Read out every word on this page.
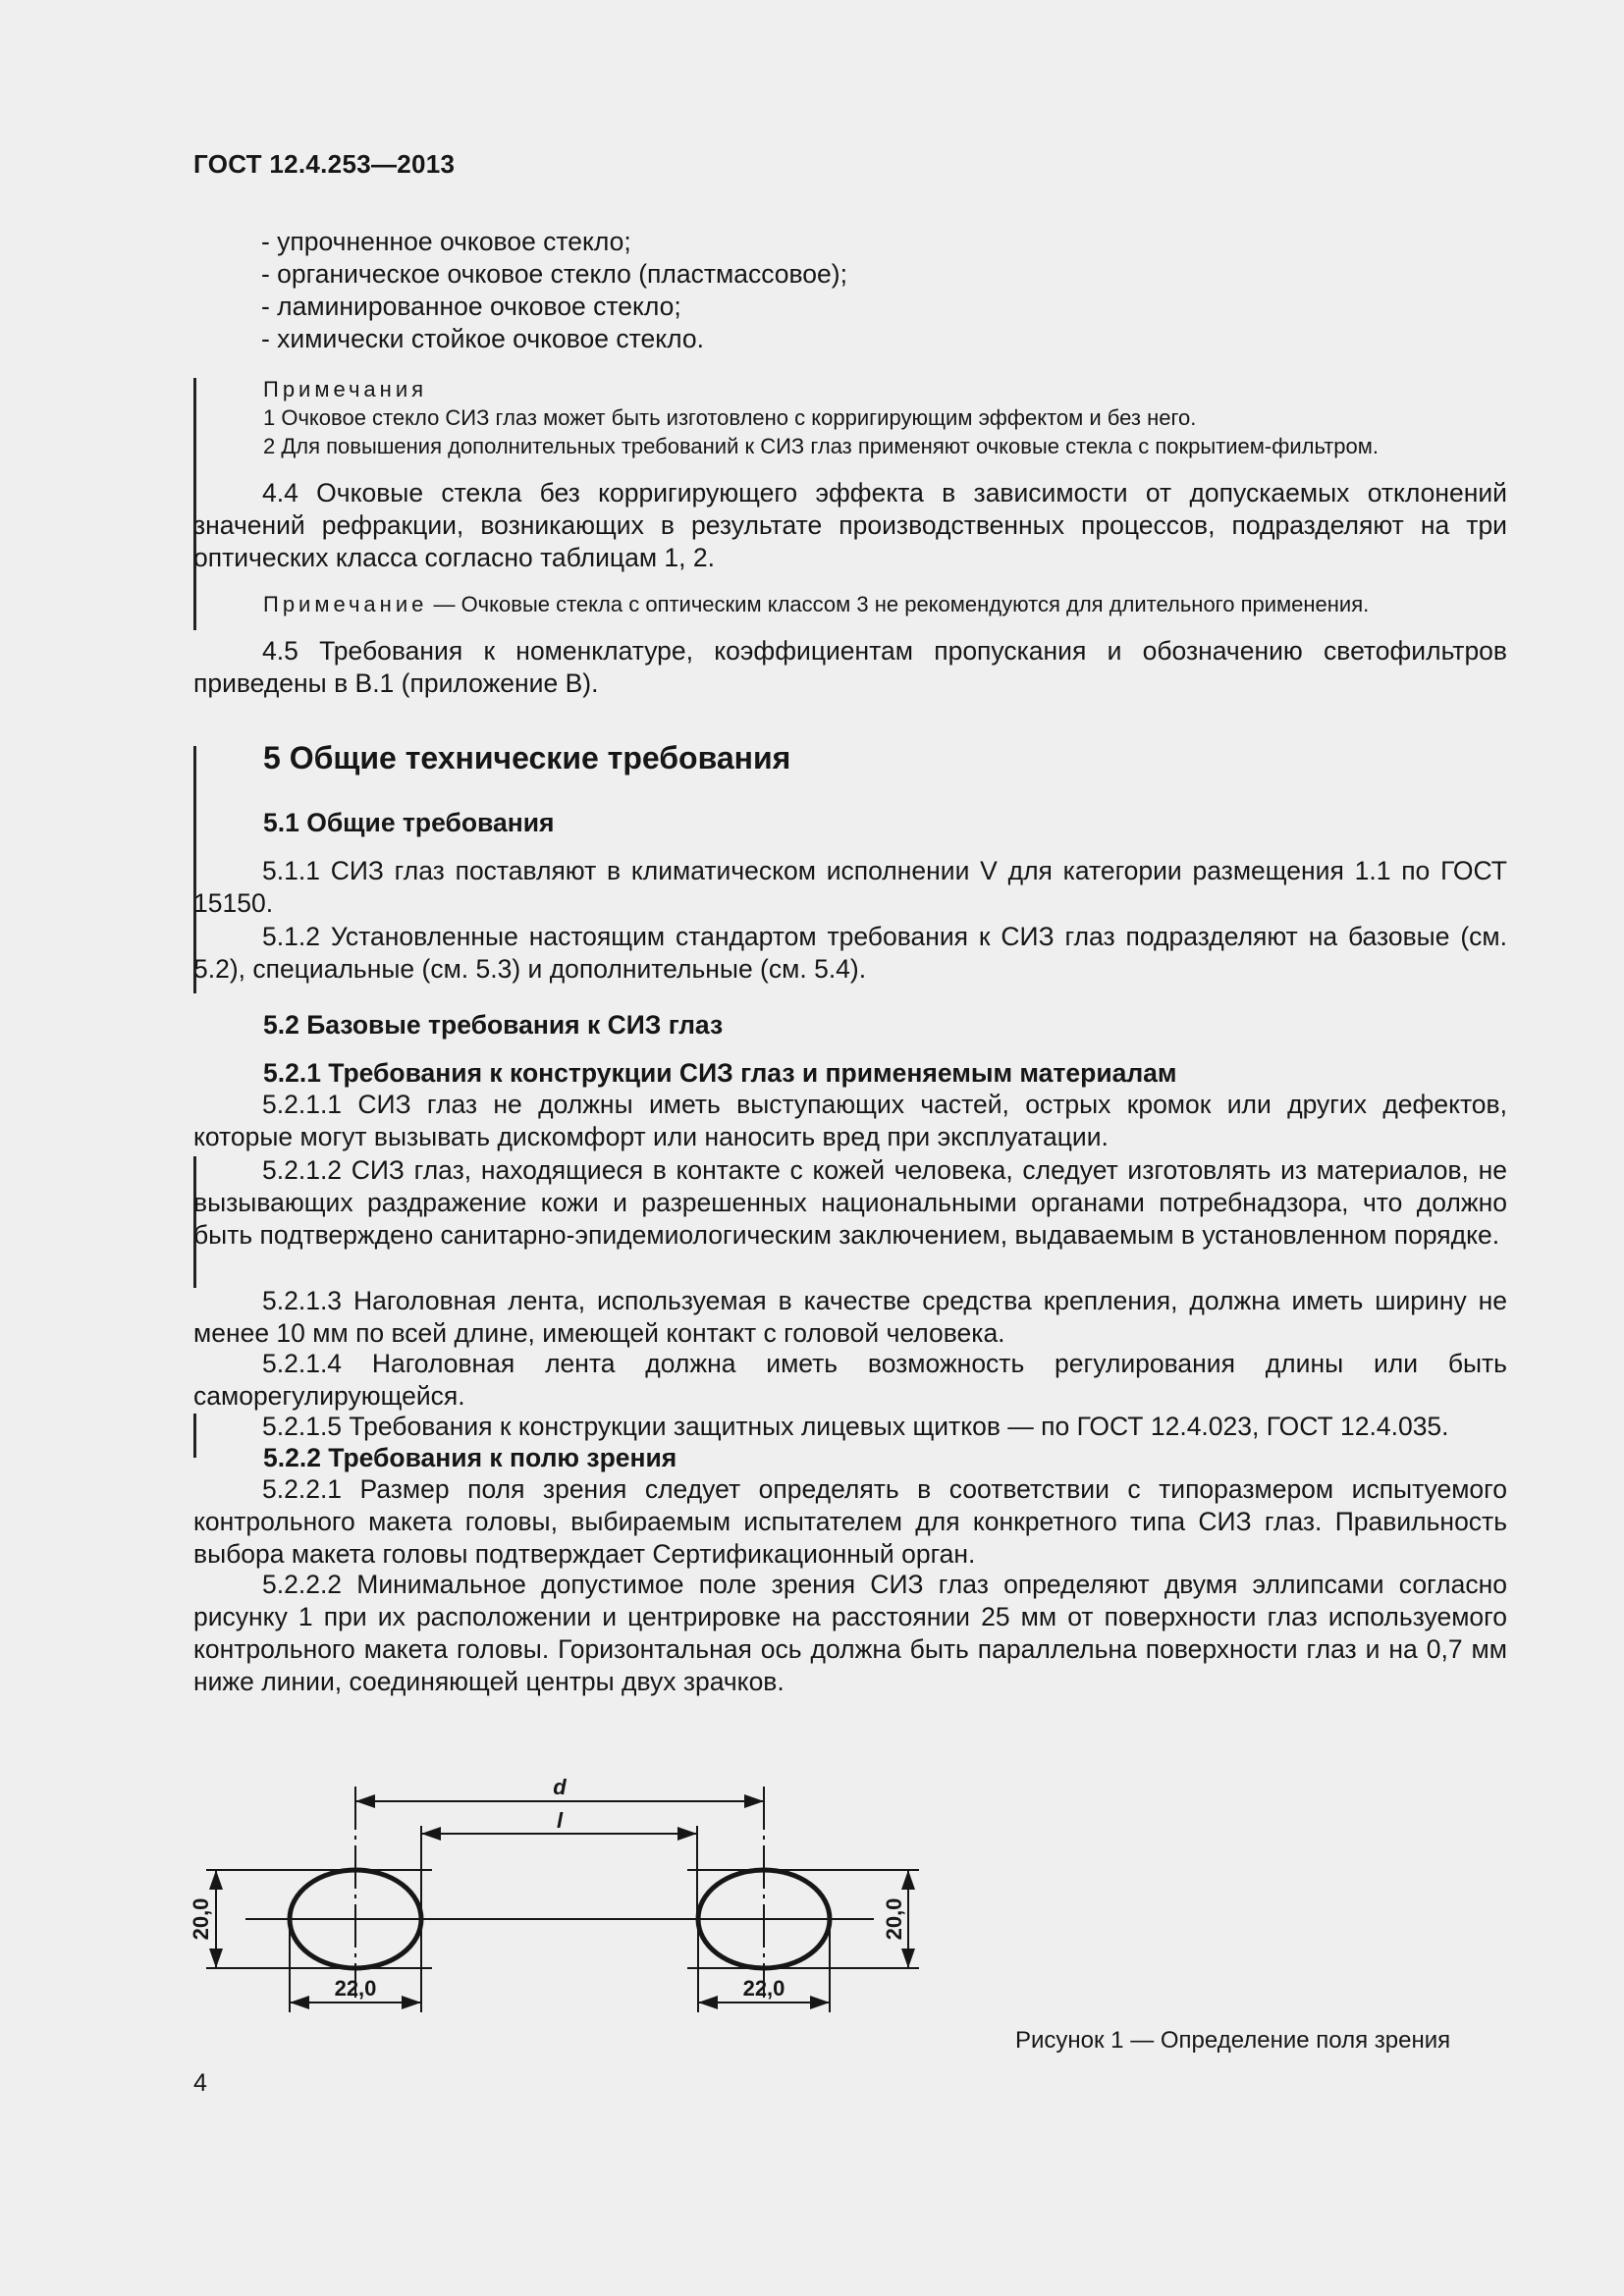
ГОСТ 12.4.253—2013

- упрочненное очковое стекло;

- органическое очковое стекло (пластмассовое);

- ламинированное очковое стекло;

- химически стойкое очковое стекло.

Примечания

1 Очковое стекло СИЗ глаз может быть изготовлено с корригирующим эффектом и без него.

2 Для повышения дополнительных требований к СИЗ глаз применяют очковые стекла с покрытием-фильтром.

4.4 Очковые стекла без корригирующего эффекта в зависимости от допускаемых отклонений значений рефракции, возникающих в результате производственных процессов, подразделяют на три оптических класса согласно таблицам 1, 2.

Примечание — Очковые стекла с оптическим классом 3 не рекомендуются для длительного применения.

4.5 Требования к номенклатуре, коэффициентам пропускания и обозначению светофильтров приведены в В.1 (приложение В).

5 Общие технические требования

5.1 Общие требования

5.1.1 СИЗ глаз поставляют в климатическом исполнении V для категории размещения 1.1 по ГОСТ 15150.

5.1.2 Установленные настоящим стандартом требования к СИЗ глаз подразделяют на базовые (см. 5.2), специальные (см. 5.3) и дополнительные (см. 5.4).

5.2 Базовые требования к СИЗ глаз

5.2.1 Требования к конструкции СИЗ глаз и применяемым материалам

5.2.1.1 СИЗ глаз не должны иметь выступающих частей, острых кромок или других дефектов, которые могут вызывать дискомфорт или наносить вред при эксплуатации.

5.2.1.2 СИЗ глаз, находящиеся в контакте с кожей человека, следует изготовлять из материалов, не вызывающих раздражение кожи и разрешенных национальными органами потребнадзора, что должно быть подтверждено санитарно-эпидемиологическим заключением, выдаваемым в установленном порядке.

5.2.1.3 Наголовная лента, используемая в качестве средства крепления, должна иметь ширину не менее 10 мм по всей длине, имеющей контакт с головой человека.

5.2.1.4 Наголовная лента должна иметь возможность регулирования длины или быть саморегулирующейся.

5.2.1.5 Требования к конструкции защитных лицевых щитков — по ГОСТ 12.4.023, ГОСТ 12.4.035.

5.2.2 Требования к полю зрения

5.2.2.1 Размер поля зрения следует определять в соответствии с типоразмером испытуемого контрольного макета головы, выбираемым испытателем для конкретного типа СИЗ глаз. Правильность выбора макета головы подтверждает Сертификационный орган.

5.2.2.2 Минимальное допустимое поле зрения СИЗ глаз определяют двумя эллипсами согласно рисунку 1 при их расположении и центрировке на расстоянии 25 мм от поверхности глаз используемого контрольного макета головы. Горизонтальная ось должна быть параллельна поверхности глаз и на 0,7 мм ниже линии, соединяющей центры двух зрачков.

d
l
20,0	20,0
22,0	22,0
Рисунок 1 — Определение поля зрения
4
